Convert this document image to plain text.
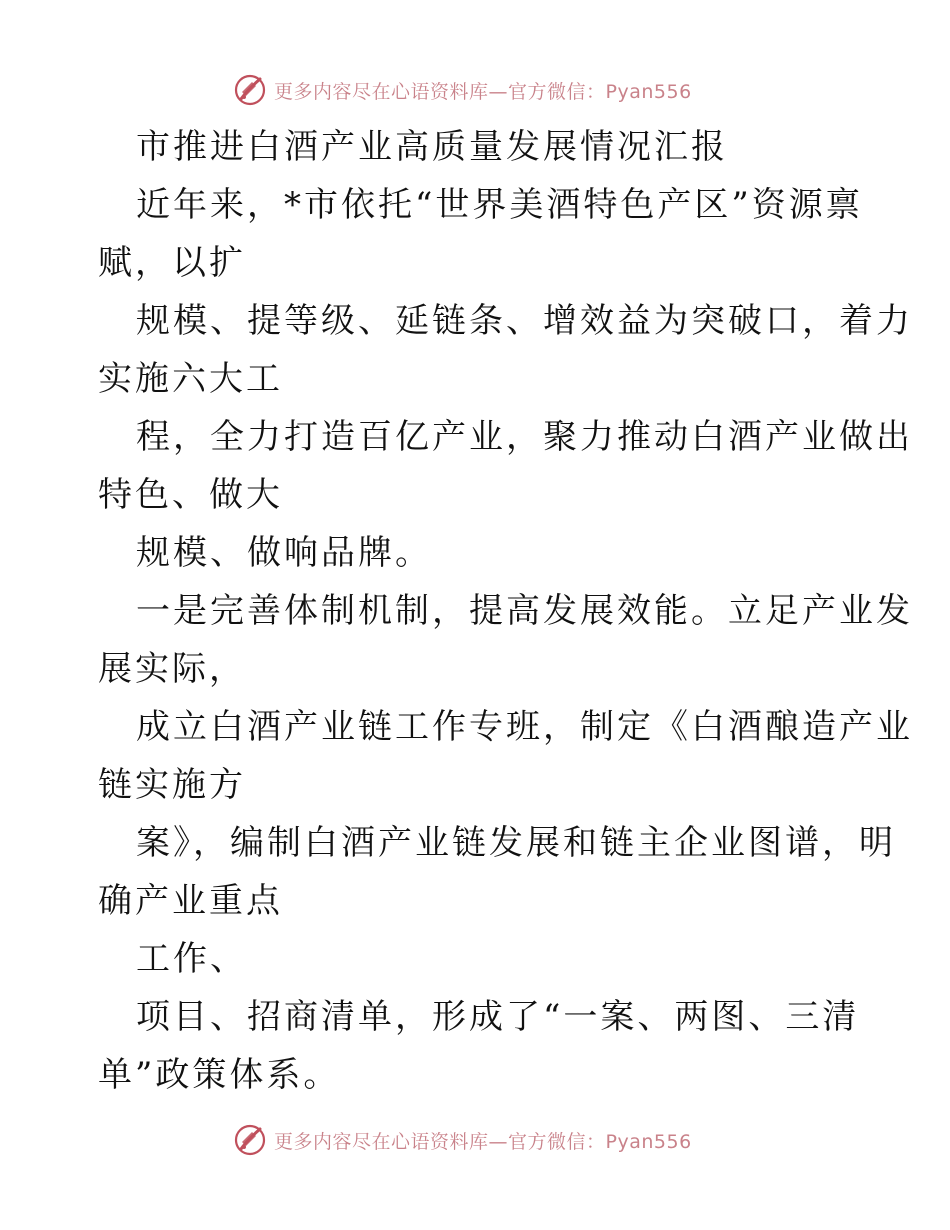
更多内容尽在心语资料库—官方微信：Pyan556
市推进白酒产业高质量发展情况汇报
近年来，*市依托“世界美酒特色产区”资源禀
赋，以扩
规模、提等级、延链条、增效益为突破口，着力
实施六大工
程，全力打造百亿产业，聚力推动白酒产业做出
特色、做大
规模、做响品牌。
一是完善体制机制，提高发展效能。立足产业发
展实际，
成立白酒产业链工作专班，制定《白酒酿造产业
链实施方
案》，编制白酒产业链发展和链主企业图谱，明
确产业重点
工作、
项目、招商清单，形成了“一案、两图、三清
单”政策体系。
更多内容尽在心语资料库—官方微信：Pyan556
